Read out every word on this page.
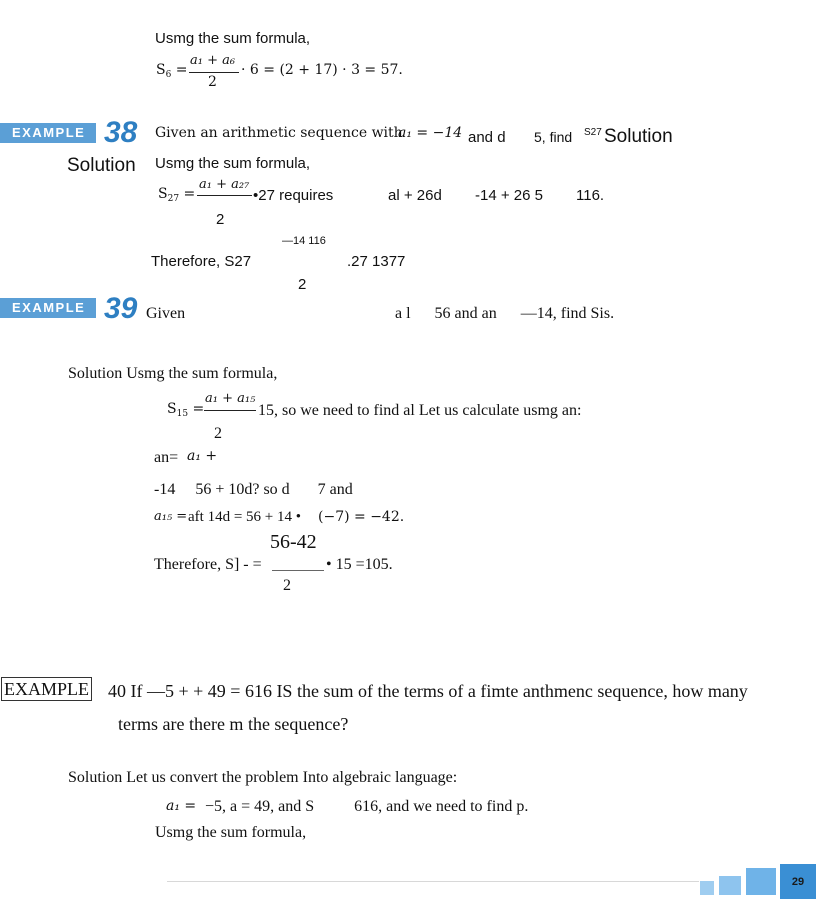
Usmg the sum formula,
$S_6$ =
a₁ + a₆
2
· 6 = (2 + 17) · 3 = 57.
EXAMPLE 38 Given an arithmetic sequence with
a₁ = −14 and d 5, find S27 Solution
Solution Usmg the sum formula,
$S_{27}$ =
a₁ + a₂₇
•27 requires	al + 26d -14 + 26 5 116.
2
—14 116
Therefore, S27	.27 1377
2
EXAMPLE 39 Given	a l      56 and an      —14, find Sis.
Solution Usmg the sum formula,
$S_{15}$ =
a₁ + a₁₅
15, so we need to find al Let us calculate usmg an:
2
an= a₁ +
-14     56 + 10d? so d       7 and
a₁₅ = aft 14d = 56 + 14 • (−7) = −42.
56-42
Therefore, S] - =	• 15 =105.
2
EXAMPLE 40 If —5 + + 49 = 616 IS the sum of the terms of a fimte anthmenc sequence, how many
terms are there m the sequence?
Solution Let us convert the problem Into algebraic language:
a₁ = −5, a = 49, and S          616, and we need to find p.
Usmg the sum formula,
29
